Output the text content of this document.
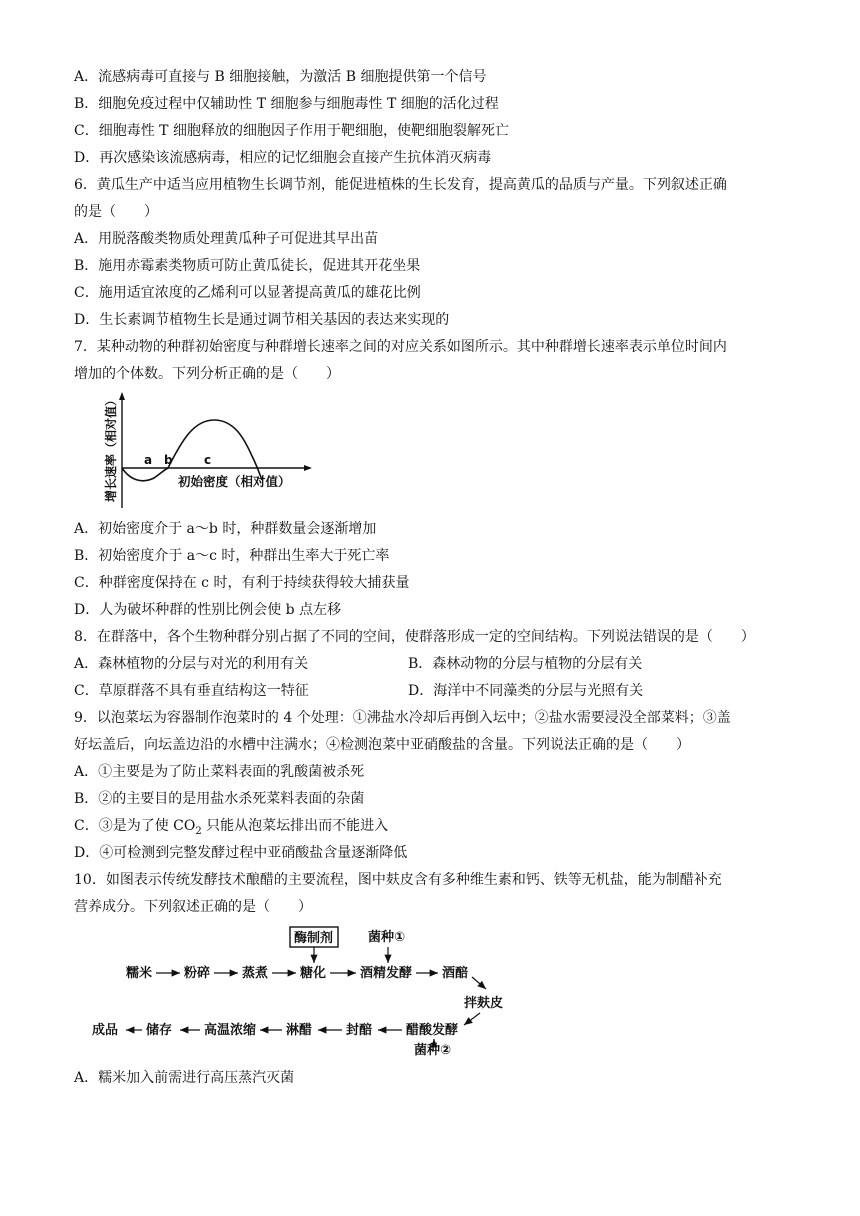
A．流感病毒可直接与 B 细胞接触，为激活 B 细胞提供第一个信号
B．细胞免疫过程中仅辅助性 T 细胞参与细胞毒性 T 细胞的活化过程
C．细胞毒性 T 细胞释放的细胞因子作用于靶细胞，使靶细胞裂解死亡
D．再次感染该流感病毒，相应的记忆细胞会直接产生抗体消灭病毒
6．黄瓜生产中适当应用植物生长调节剂，能促进植株的生长发育，提高黄瓜的品质与产量。下列叙述正确
的是（　　）
A．用脱落酸类物质处理黄瓜种子可促进其早出苗
B．施用赤霉素类物质可防止黄瓜徒长，促进其开花坐果
C．施用适宜浓度的乙烯利可以显著提高黄瓜的雄花比例
D．生长素调节植物生长是通过调节相关基因的表达来实现的
7．某种动物的种群初始密度与种群增长速率之间的对应关系如图所示。其中种群增长速率表示单位时间内
增加的个体数。下列分析正确的是（　　）
增长速率（相对值） a b	c
初始密度（相对值）
A．初始密度介于 a～b 时，种群数量会逐渐增加
B．初始密度介于 a～c 时，种群出生率大于死亡率
C．种群密度保持在 c 时，有利于持续获得较大捕获量
D．人为破坏种群的性别比例会使 b 点左移
8．在群落中，各个生物种群分别占据了不同的空间，使群落形成一定的空间结构。下列说法错误的是（　　）
A．森林植物的分层与对光的利用有关	B．森林动物的分层与植物的分层有关
C．草原群落不具有垂直结构这一特征	D．海洋中不同藻类的分层与光照有关
9．以泡菜坛为容器制作泡菜时的 4 个处理：①沸盐水冷却后再倒入坛中；②盐水需要浸没全部菜料；③盖
好坛盖后，向坛盖边沿的水槽中注满水；④检测泡菜中亚硝酸盐的含量。下列说法正确的是（　　）
A．①主要是为了防止菜料表面的乳酸菌被杀死
B．②的主要目的是用盐水杀死菜料表面的杂菌
C．③是为了使 $CO_2$ 只能从泡菜坛排出而不能进入
D．④可检测到完整发酵过程中亚硝酸盐含量逐渐降低
10．如图表示传统发酵技术酿醋的主要流程，图中麸皮含有多种维生素和钙、铁等无机盐，能为制醋补充
营养成分。下列叙述正确的是（　　）
酶制剂	菌种①
糯米 粉碎 蒸煮 糖化	酒精发酵 酒醅
拌麸皮
醋酸发酵
封醅
淋醋
高温浓缩
储存
成品
菌种②
A．糯米加入前需进行高压蒸汽灭菌
